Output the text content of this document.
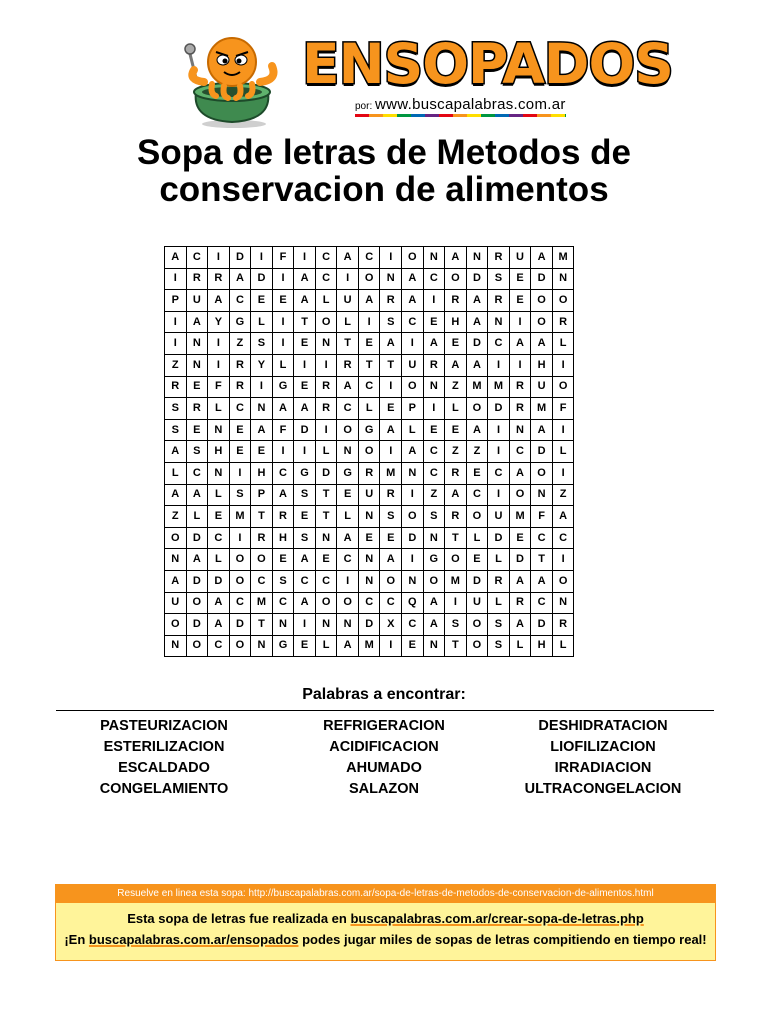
ENSOPADOS
por: www.buscapalabras.com.ar
Sopa de letras de Metodos de
conservacion de alimentos
A	C	I	D	I	F	I	C	A	C	I	O	N	A	N	R	U	A	M
I	R	R	A	D	I	A	C	I	O	N	A	C	O	D	S	E	D	N
P	U	A	C	E	E	A	L	U	A	R	A	I	R	A	R	E	O	O
I	A	Y	G	L	I	T	O	L	I	S	C	E	H	A	N	I	O	R
I	N	I	Z	S	I	E	N	T	E	A	I	A	E	D	C	A	A	L
Z	N	I	R	Y	L	I	I	R	T	T	U	R	A	A	I	I	H	I
R	E	F	R	I	G	E	R	A	C	I	O	N	Z	M	M	R	U	O
S	R	L	C	N	A	A	R	C	L	E	P	I	L	O	D	R	M	F
S	E	N	E	A	F	D	I	O	G	A	L	E	E	A	I	N	A	I
A	S	H	E	E	I	I	L	N	O	I	A	C	Z	Z	I	C	D	L
L	C	N	I	H	C	G	D	G	R	M	N	C	R	E	C	A	O	I
A	A	L	S	P	A	S	T	E	U	R	I	Z	A	C	I	O	N	Z
Z	L	E	M	T	R	E	T	L	N	S	O	S	R	O	U	M	F	A
O	D	C	I	R	H	S	N	A	E	E	D	N	T	L	D	E	C	C
N	A	L	O	O	E	A	E	C	N	A	I	G	O	E	L	D	T	I
A	D	D	O	C	S	C	C	I	N	O	N	O	M	D	R	A	A	O
U	O	A	C	M	C	A	O	O	C	C	Q	A	I	U	L	R	C	N
O	D	A	D	T	N	I	N	N	D	X	C	A	S	O	S	A	D	R
N	O	C	O	N	G	E	L	A	M	I	E	N	T	O	S	L	H	L
Palabras a encontrar:
PASTEURIZACION
ESTERILIZACION
ESCALDADO
CONGELAMIENTO
REFRIGERACION
ACIDIFICACION
AHUMADO
SALAZON
DESHIDRATACION
LIOFILIZACION
IRRADIACION
ULTRACONGELACION
Resuelve en linea esta sopa: http://buscapalabras.com.ar/sopa-de-letras-de-metodos-de-conservacion-de-alimentos.html
Esta sopa de letras fue realizada en buscapalabras.com.ar/crear-sopa-de-letras.php
¡En buscapalabras.com.ar/ensopados podes jugar miles de sopas de letras compitiendo en tiempo real!
